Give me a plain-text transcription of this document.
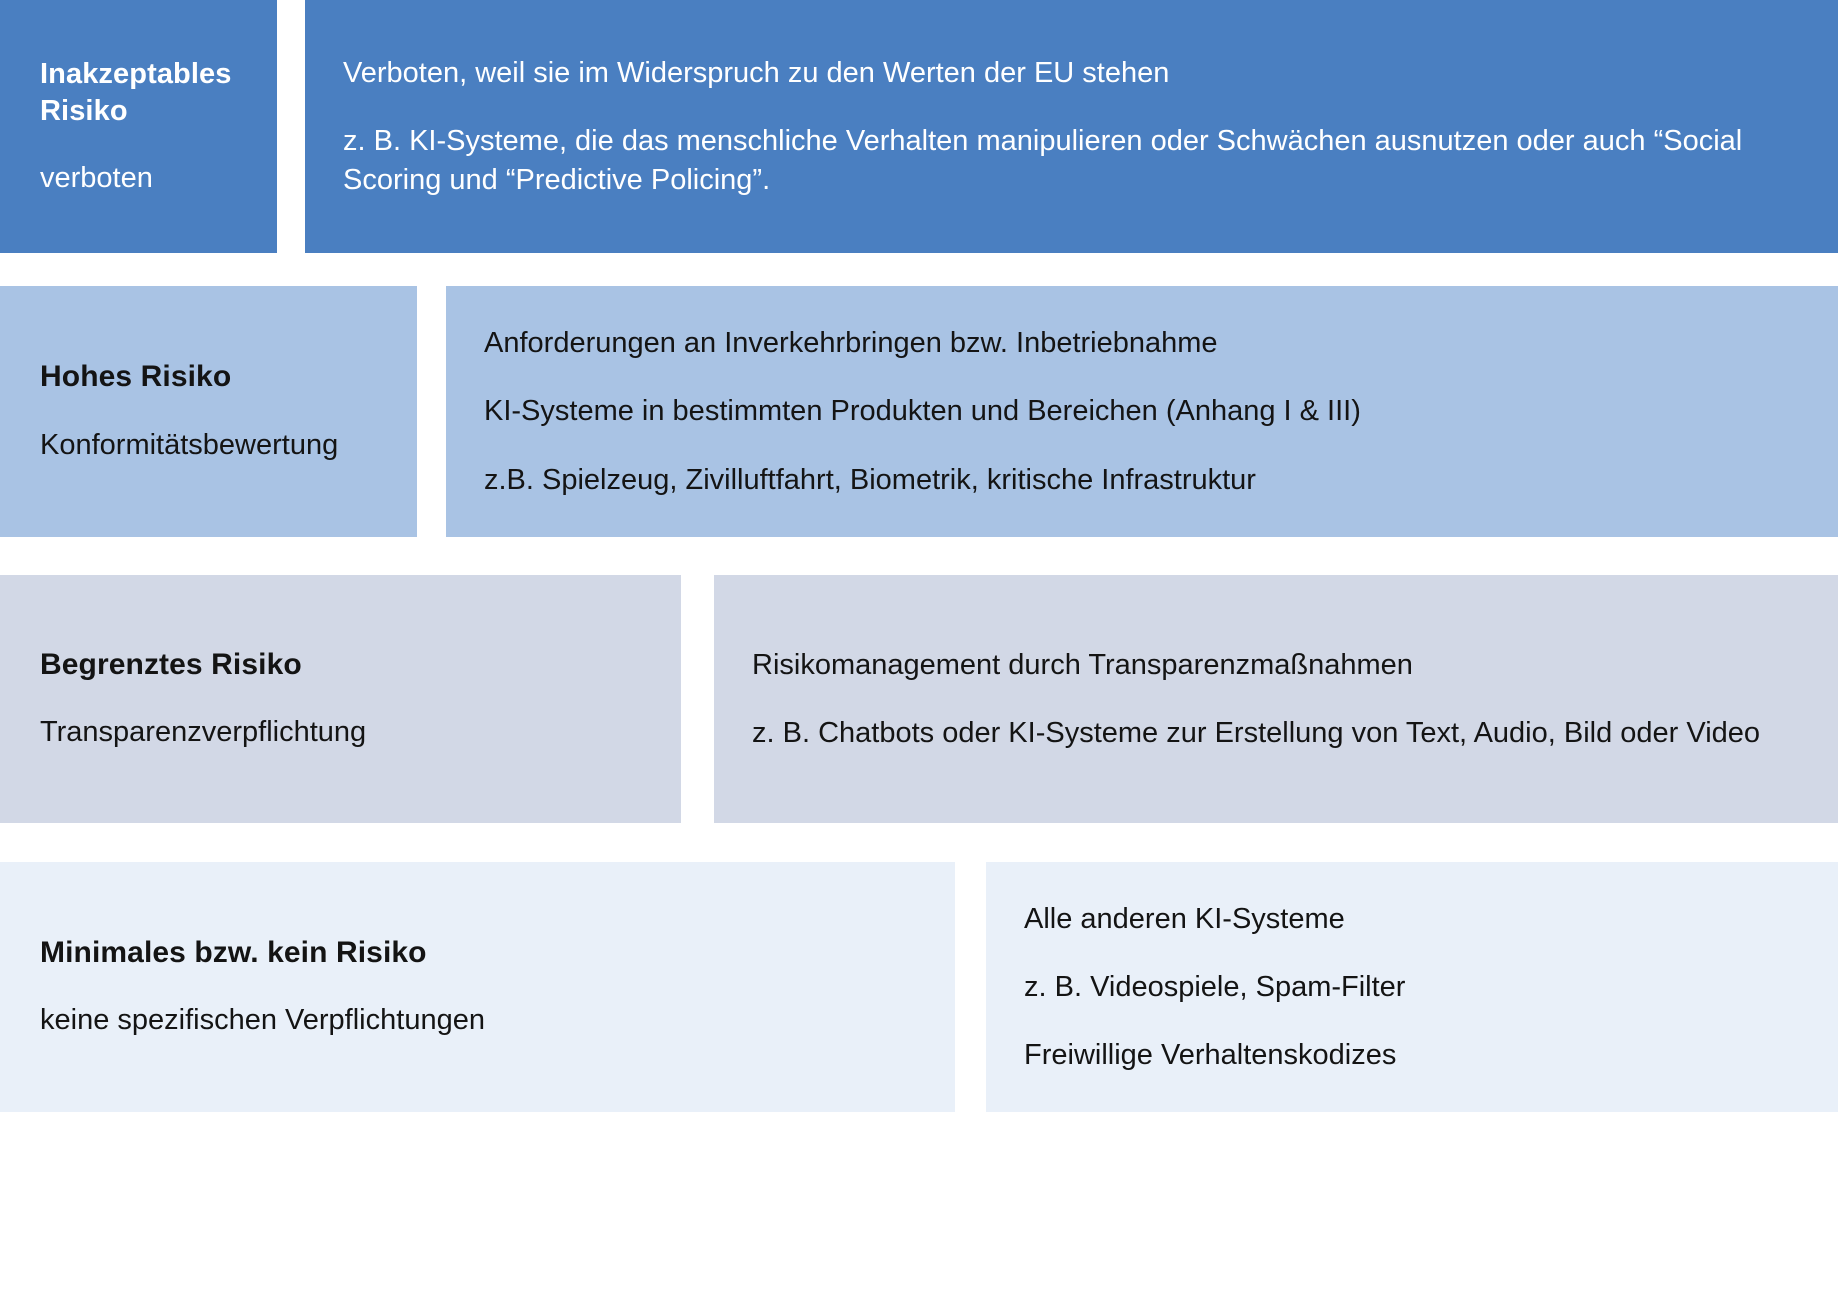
Inakzeptables Risiko
verboten
Verboten, weil sie im Widerspruch zu den Werten der EU stehen
z. B. KI-Systeme, die das menschliche Verhalten manipulieren oder Schwächen ausnutzen oder auch “Social Scoring und “Predictive Policing”.
Hohes Risiko
Konformitätsbewertung
Anforderungen an Inverkehrbringen bzw. Inbetriebnahme
KI-Systeme in bestimmten Produkten und Bereichen (Anhang I & III)
z.B. Spielzeug, Zivilluftfahrt, Biometrik, kritische Infrastruktur
Begrenztes Risiko
Transparenzverpflichtung
Risikomanagement durch Transparenzmaßnahmen
z. B. Chatbots oder KI-Systeme zur Erstellung von Text, Audio, Bild oder Video
Minimales bzw. kein Risiko
keine spezifischen Verpflichtungen
Alle anderen KI-Systeme
z. B. Videospiele, Spam-Filter
Freiwillige Verhaltenskodizes
